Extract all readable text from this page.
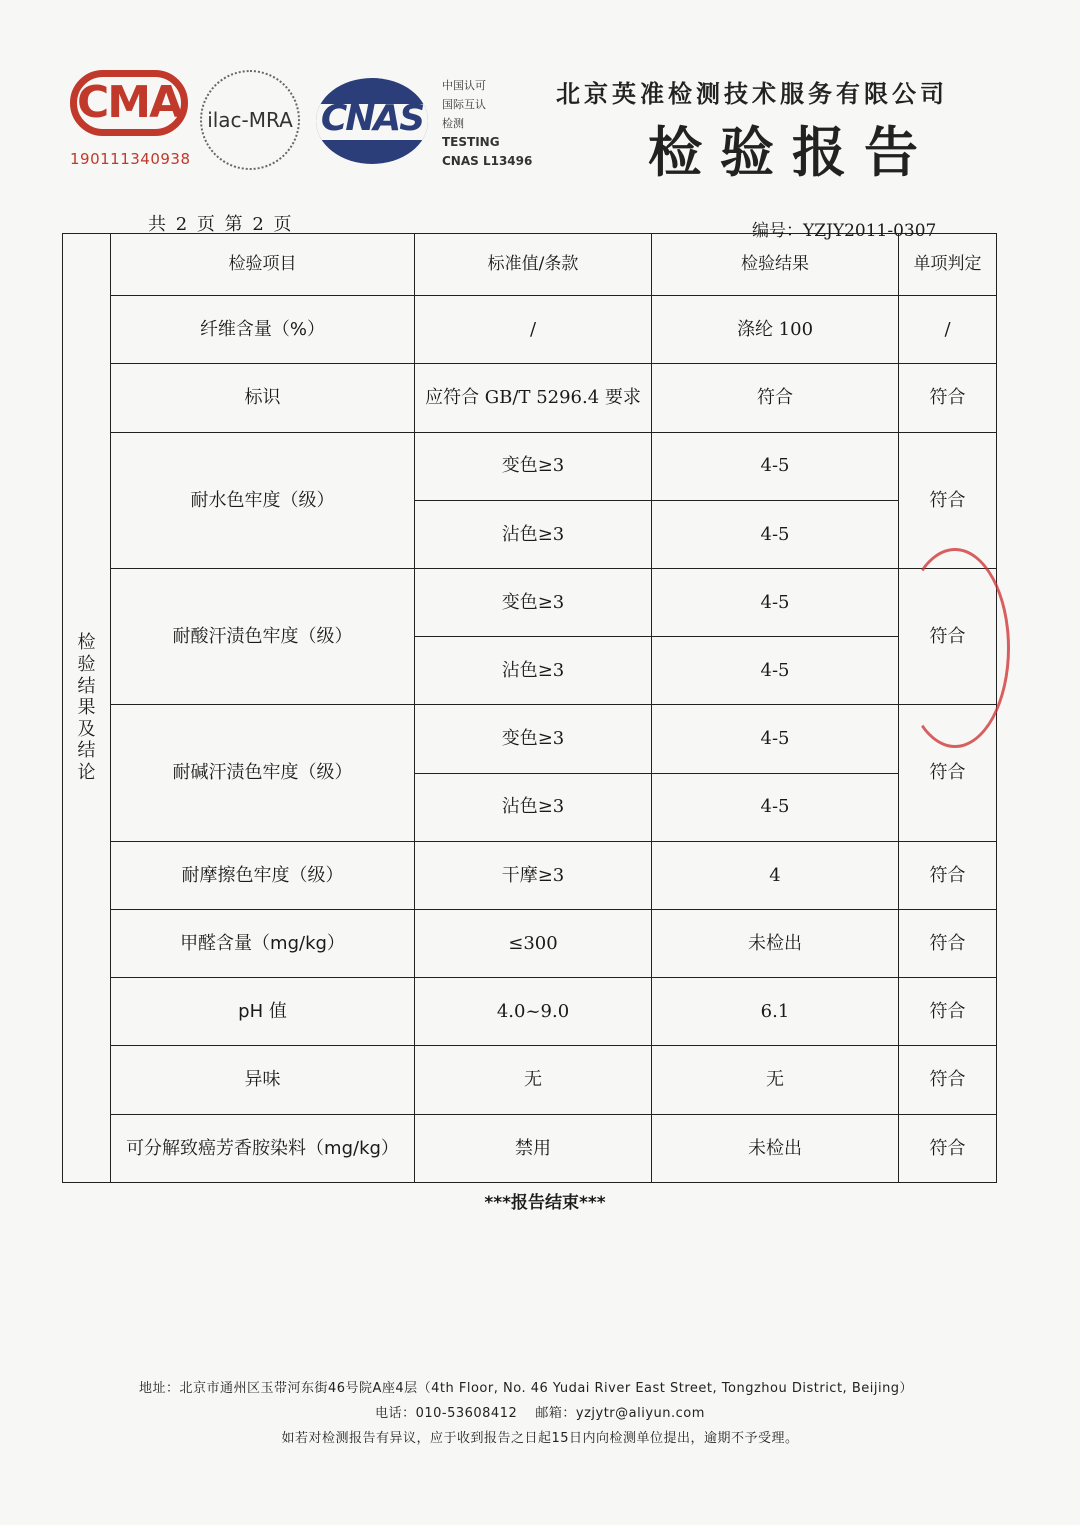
CMA
190111340938
ilac-MRA CNAS
中国认可
国际互认
检测
TESTING
CNAS L13496
北京英准检测技术服务有限公司
检验报告
共 2 页 第 2 页	编号：YZJY2011-0307
检验结果及结论	检验项目	标准值/条款	检验结果	单项判定
	纤维含量（%）	/	涤纶 100	/
	标识	应符合 GB/T 5296.4 要求	符合	符合
	耐水色牢度（级）	变色≥3	4-5	符合
		沾色≥3	4-5	
	耐酸汗渍色牢度（级）	变色≥3	4-5	符合
		沾色≥3	4-5	
	耐碱汗渍色牢度（级）	变色≥3	4-5	符合
		沾色≥3	4-5	
	耐摩擦色牢度（级）	干摩≥3	4	符合
	甲醛含量（mg/kg）	≤300	未检出	符合
	pH 值	4.0~9.0	6.1	符合
	异味	无	无	符合
	可分解致癌芳香胺染料（mg/kg）	禁用	未检出	符合
***报告结束***
地址：北京市通州区玉带河东街46号院A座4层（4th Floor, No. 46 Yudai River East Street, Tongzhou District, Beijing）
电话：010-53608412　 邮箱：yzjytr@aliyun.com
如若对检测报告有异议，应于收到报告之日起15日内向检测单位提出，逾期不予受理。
